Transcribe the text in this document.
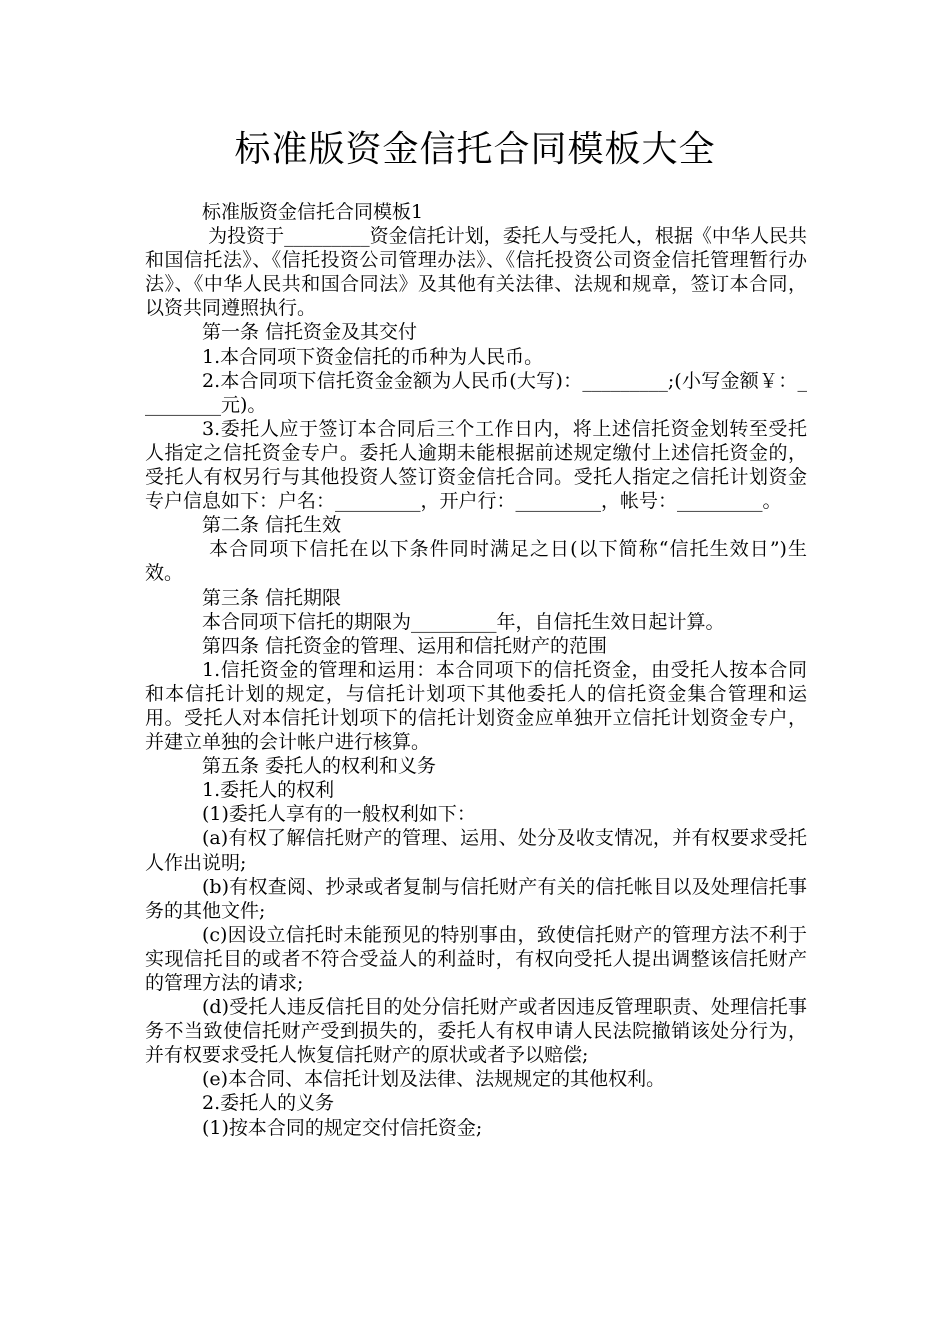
标准版资金信托合同模板大全

标准版资金信托合同模板1

为投资于_________资金信托计划，委托人与受托人，根据《中华人民共和国信托法》、《信托投资公司管理办法》、《信托投资公司资金信托管理暂行办法》、《中华人民共和国合同法》及其他有关法律、法规和规章，签订本合同，以资共同遵照执行。

第一条 信托资金及其交付

1.本合同项下资金信托的币种为人民币。

2.本合同项下信托资金金额为人民币(大写)：_________;(小写金额￥：_________元)。

3.委托人应于签订本合同后三个工作日内，将上述信托资金划转至受托人指定之信托资金专户。委托人逾期未能根据前述规定缴付上述信托资金的，受托人有权另行与其他投资人签订资金信托合同。受托人指定之信托计划资金专户信息如下：户名：_________，开户行：_________，帐号：_________。

第二条 信托生效

本合同项下信托在以下条件同时满足之日(以下简称“信托生效日”)生效。

第三条 信托期限

本合同项下信托的期限为_________年，自信托生效日起计算。

第四条 信托资金的管理、运用和信托财产的范围

1.信托资金的管理和运用：本合同项下的信托资金，由受托人按本合同和本信托计划的规定，与信托计划项下其他委托人的信托资金集合管理和运用。受托人对本信托计划项下的信托计划资金应单独开立信托计划资金专户，并建立单独的会计帐户进行核算。

第五条 委托人的权利和义务

1.委托人的权利

(1)委托人享有的一般权利如下：

(a)有权了解信托财产的管理、运用、处分及收支情况，并有权要求受托人作出说明;

(b)有权查阅、抄录或者复制与信托财产有关的信托帐目以及处理信托事务的其他文件;

(c)因设立信托时未能预见的特别事由，致使信托财产的管理方法不利于实现信托目的或者不符合受益人的利益时，有权向受托人提出调整该信托财产的管理方法的请求;

(d)受托人违反信托目的处分信托财产或者因违反管理职责、处理信托事务不当致使信托财产受到损失的，委托人有权申请人民法院撤销该处分行为，并有权要求受托人恢复信托财产的原状或者予以赔偿;

(e)本合同、本信托计划及法律、法规规定的其他权利。

2.委托人的义务

(1)按本合同的规定交付信托资金;
